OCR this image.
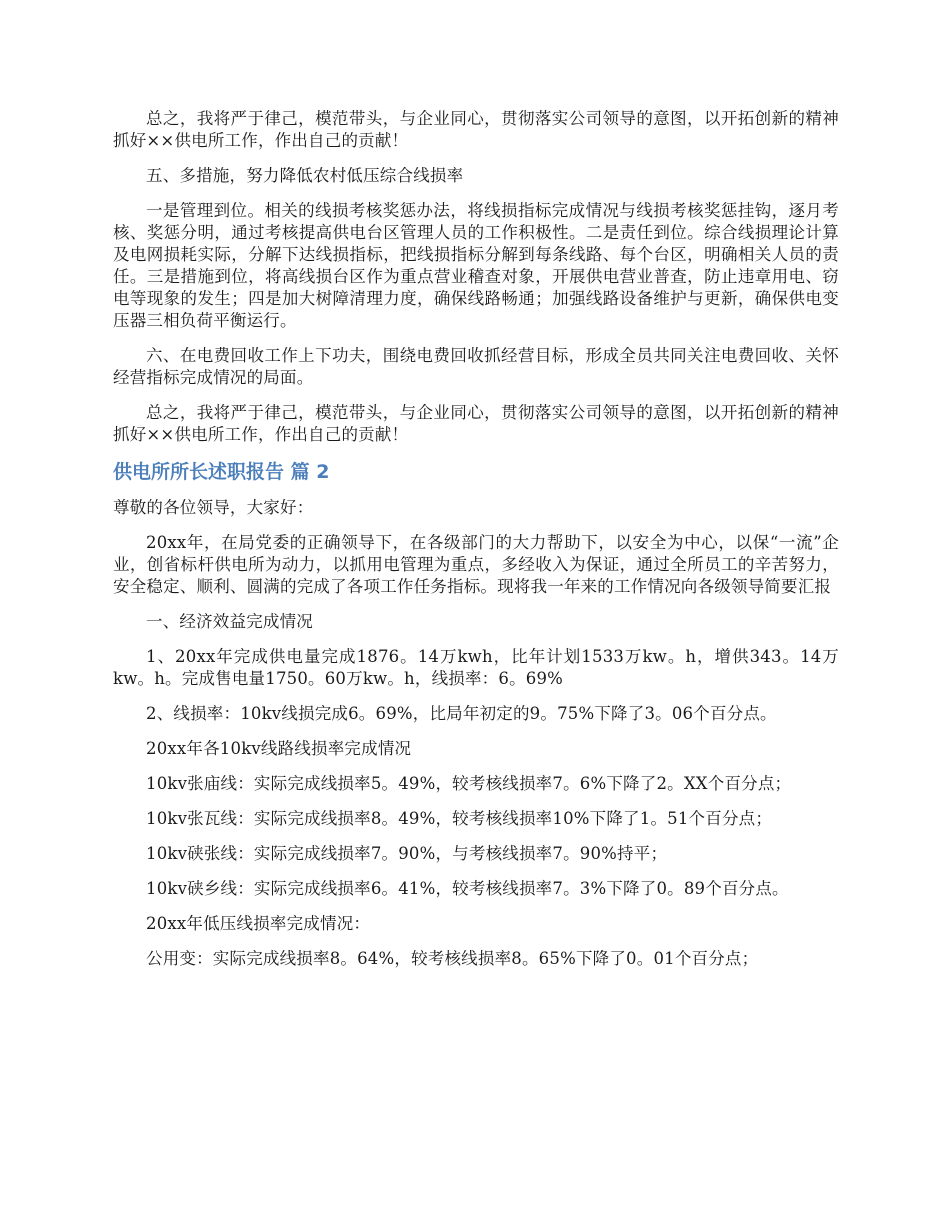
总之，我将严于律己，模范带头，与企业同心，贯彻落实公司领导的意图，以开拓创新的精神抓好××供电所工作，作出自己的贡献！

五、多措施，努力降低农村低压综合线损率

一是管理到位。相关的线损考核奖惩办法，将线损指标完成情况与线损考核奖惩挂钩，逐月考核、奖惩分明，通过考核提高供电台区管理人员的工作积极性。二是责任到位。综合线损理论计算及电网损耗实际，分解下达线损指标，把线损指标分解到每条线路、每个台区，明确相关人员的责任。三是措施到位，将高线损台区作为重点营业稽查对象，开展供电营业普查，防止违章用电、窃电等现象的发生；四是加大树障清理力度，确保线路畅通；加强线路设备维护与更新，确保供电变压器三相负荷平衡运行。

六、在电费回收工作上下功夫，围绕电费回收抓经营目标，形成全员共同关注电费回收、关怀经营指标完成情况的局面。

总之，我将严于律己，模范带头，与企业同心，贯彻落实公司领导的意图，以开拓创新的精神抓好××供电所工作，作出自己的贡献！

供电所所长述职报告 篇 2

尊敬的各位领导，大家好：

20xx年，在局党委的正确领导下，在各级部门的大力帮助下，以安全为中心，以保“一流”企业，创省标杆供电所为动力，以抓用电管理为重点，多经收入为保证，通过全所员工的辛苦努力，安全稳定、顺利、圆满的完成了各项工作任务指标。现将我一年来的工作情况向各级领导简要汇报

一、经济效益完成情况

1、20xx年完成供电量完成1876。14万kwh，比年计划1533万kw。h，增供343。14万kw。h。完成售电量1750。60万kw。h，线损率：6。69%

2、线损率：10kv线损完成6。69%，比局年初定的9。75%下降了3。06个百分点。

20xx年各10kv线路线损率完成情况

10kv张庙线：实际完成线损率5。49%，较考核线损率7。6%下降了2。XX个百分点；

10kv张瓦线：实际完成线损率8。49%，较考核线损率10%下降了1。51个百分点；

10kv硖张线：实际完成线损率7。90%，与考核线损率7。90%持平；

10kv硖乡线：实际完成线损率6。41%，较考核线损率7。3%下降了0。89个百分点。

20xx年低压线损率完成情况：

公用变：实际完成线损率8。64%，较考核线损率8。65%下降了0。01个百分点；
